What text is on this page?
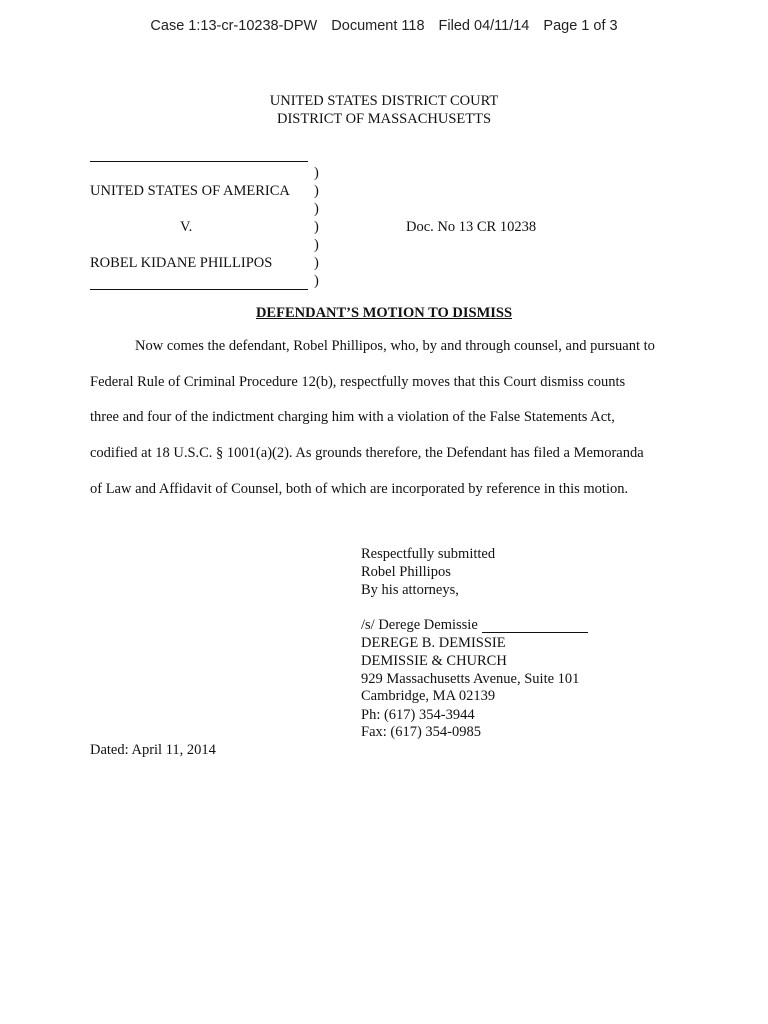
Case 1:13-cr-10238-DPW Document 118 Filed 04/11/14 Page 1 of 3
UNITED STATES DISTRICT COURT
DISTRICT OF MASSACHUSETTS
UNITED STATES OF AMERICA
V.
ROBEL KIDANE PHILLIPOS
Doc. No 13 CR 10238
)
)
)
)
)
)
)
DEFENDANT’S MOTION TO DISMISS
Now comes the defendant, Robel Phillipos, who, by and through counsel, and pursuant to
Federal Rule of Criminal Procedure 12(b), respectfully moves that this Court dismiss counts
three and four of the indictment charging him with a violation of the False Statements Act,
codified at 18 U.S.C. § 1001(a)(2). As grounds therefore, the Defendant has filed a Memoranda
of Law and Affidavit of Counsel, both of which are incorporated by reference in this motion.
Respectfully submitted
Robel Phillipos
By his attorneys,
/s/ Derege Demissie
DEREGE B. DEMISSIE
DEMISSIE & CHURCH
929 Massachusetts Avenue, Suite 101
Cambridge, MA 02139
Ph: (617) 354-3944
Fax: (617) 354-0985
Dated: April 11, 2014
